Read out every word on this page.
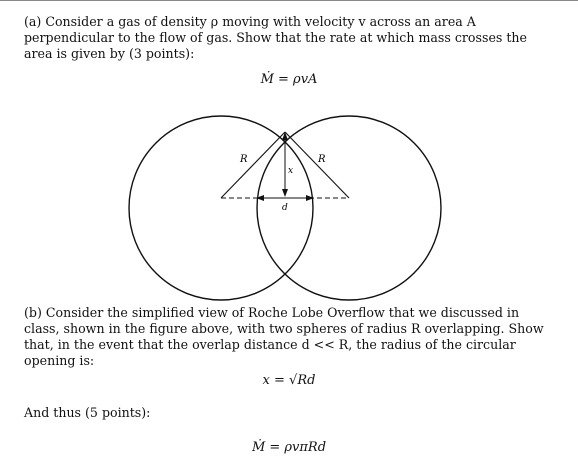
(a) Consider a gas of density ρ moving with velocity v across an area A perpendicular to the flow of gas. Show that the rate at which mass crosses the area is given by (3 points):
Ṁ = ρvA
R	R
x
d
(b) Consider the simplified view of Roche Lobe Overflow that we discussed in class, shown in the figure above, with two spheres of radius R overlapping. Show that, in the event that the overlap distance d << R, the radius of the circular opening is:
x = √Rd
And thus (5 points):
Ṁ = ρvπRd
